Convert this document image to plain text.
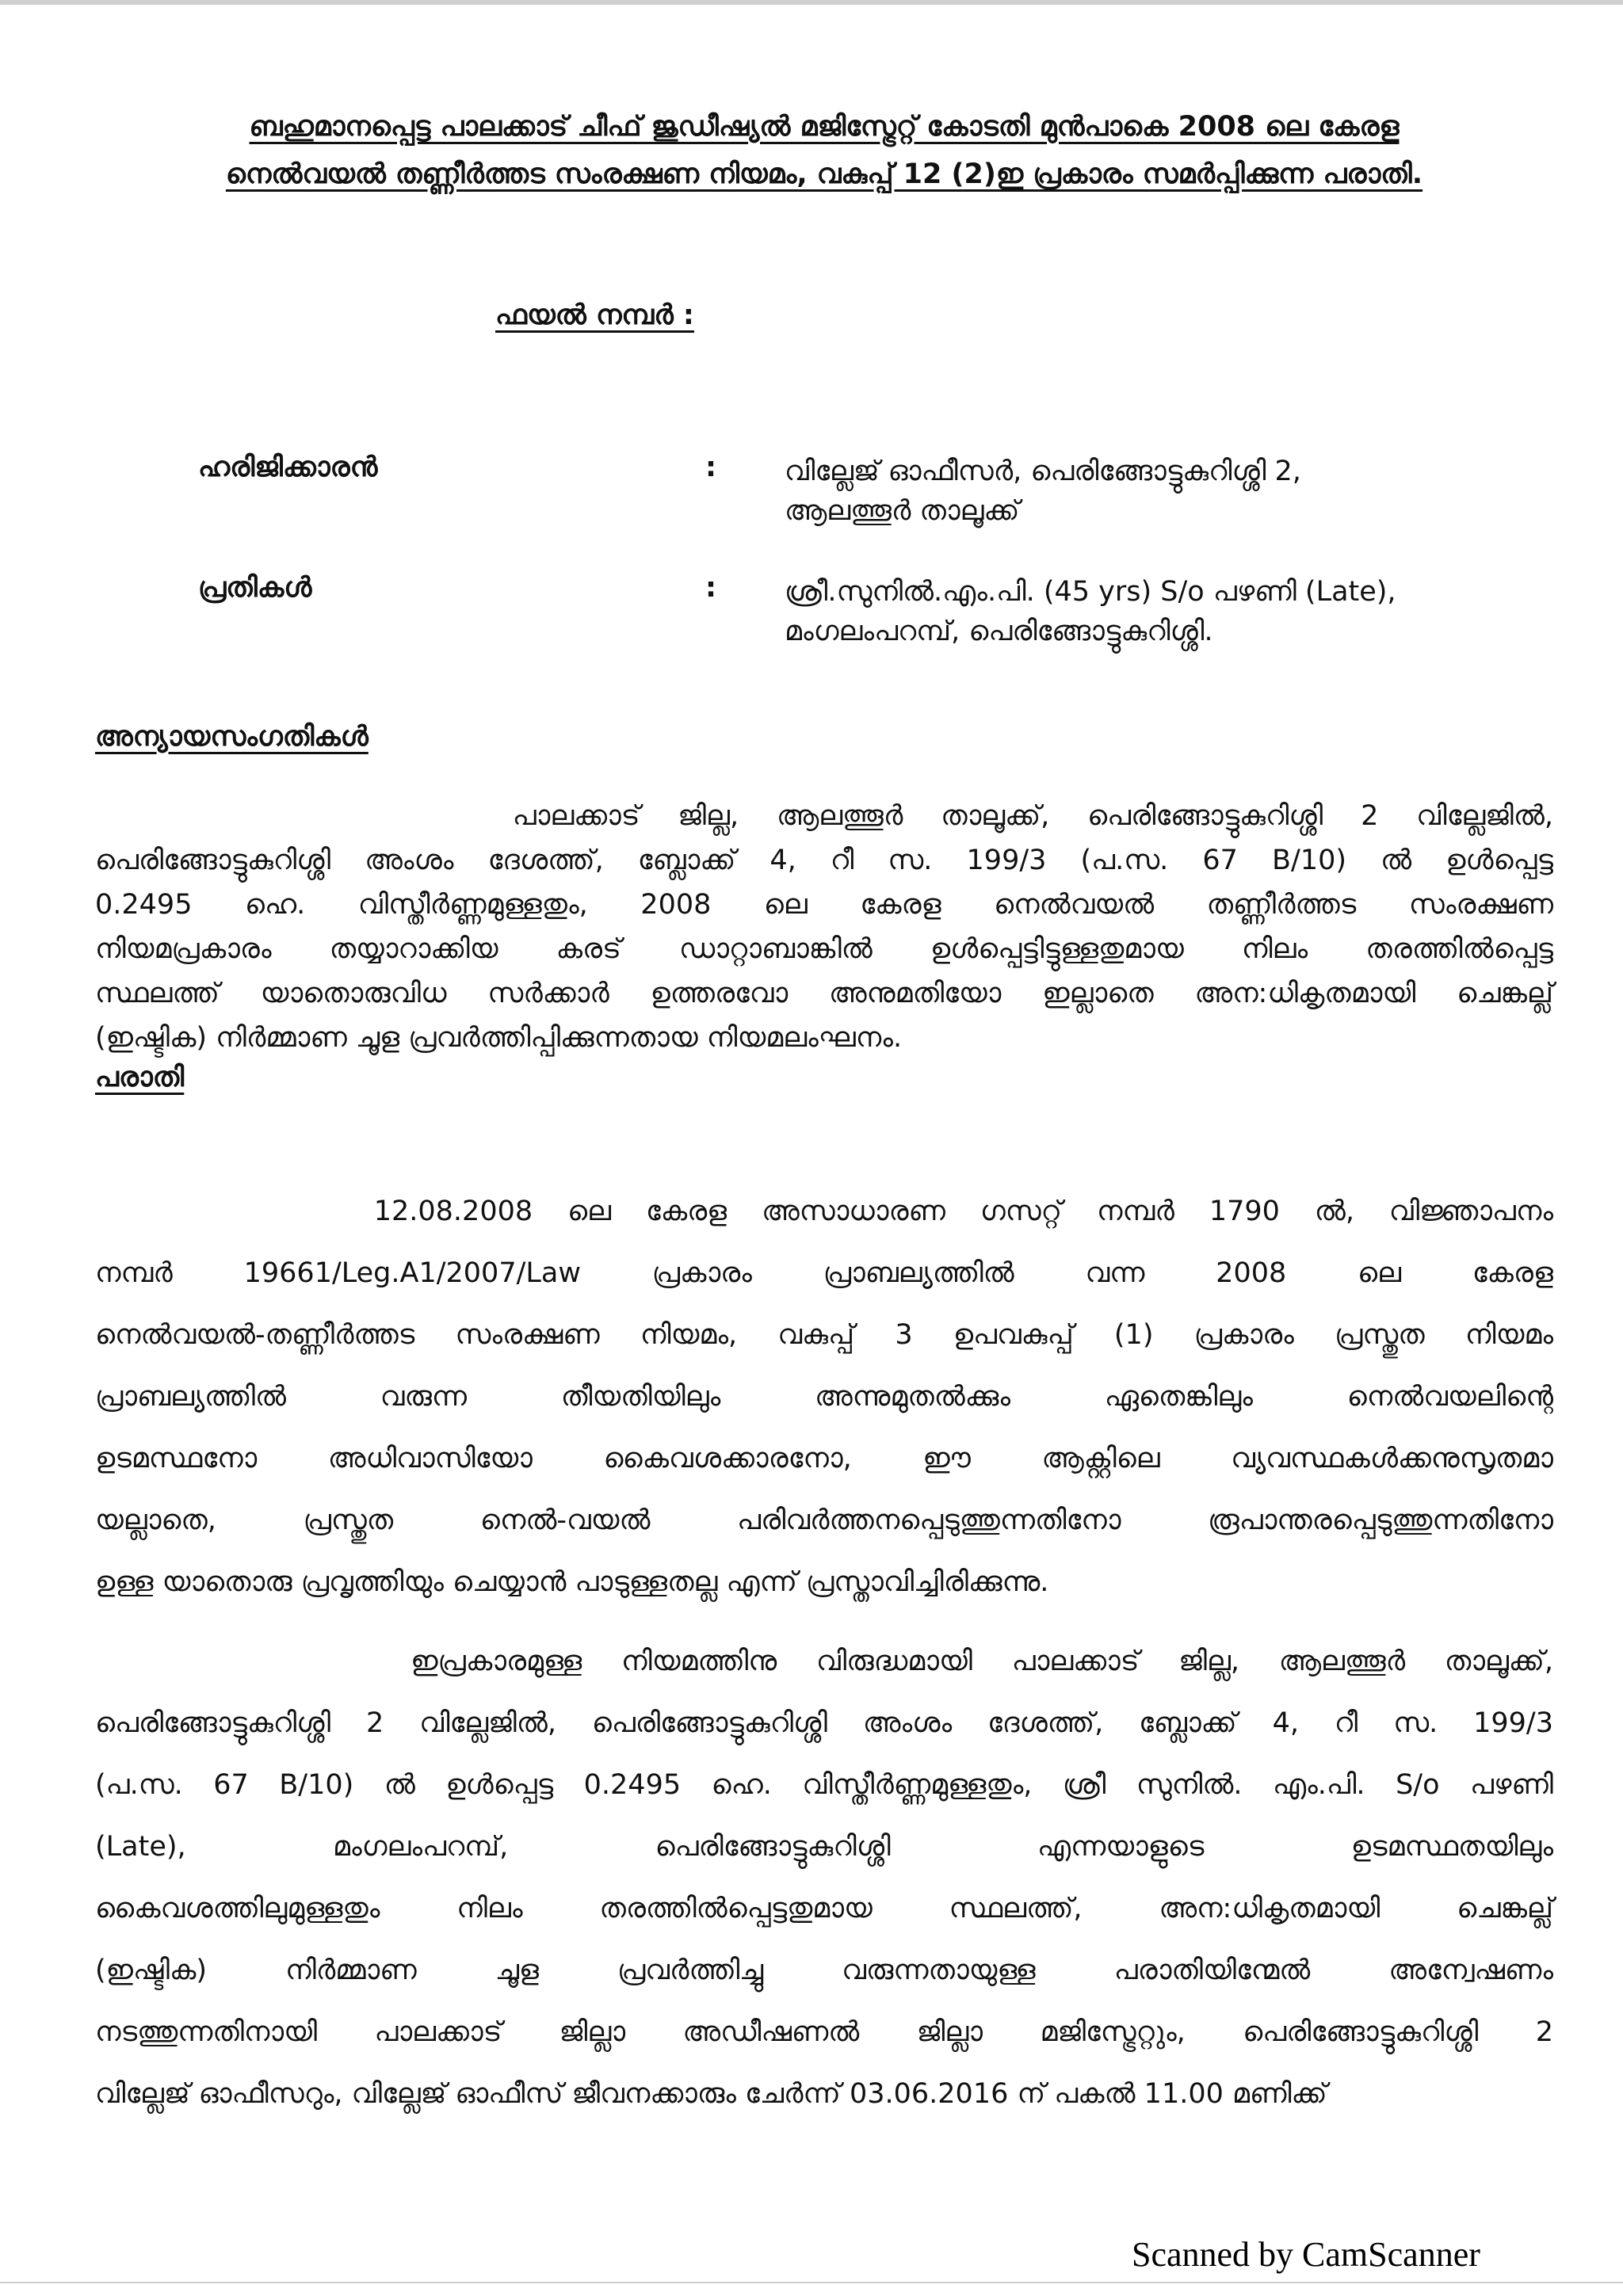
ബഹുമാനപ്പെട്ട പാലക്കാട് ചീഫ് ജുഡീഷ്യൽ മജിസ്ട്രേറ്റ് കോടതി മുൻപാകെ 2008 ലെ കേരള

നെൽവയൽ തണ്ണീർത്തട സംരക്ഷണ നിയമം, വകുപ്പ് 12 (2)ഇ പ്രകാരം സമർപ്പിക്കുന്ന പരാതി.

ഫയൽ നമ്പർ :
ഹരിജിക്കാരൻ	: വില്ലേജ് ഓഫീസർ, പെരിങ്ങോട്ടുകുറിശ്ശി 2,
ആലത്തൂർ താലൂക്ക്
പ്രതികൾ	: ശ്രീ.സുനിൽ.എം.പി. (45 yrs) S/o പഴണി (Late),
മംഗലംപറമ്പ്, പെരിങ്ങോട്ടുകുറിശ്ശി.
അന്യായസംഗതികൾ
പാലക്കാട് ജില്ല, ആലത്തൂർ താലൂക്ക്, പെരിങ്ങോട്ടുകുറിശ്ശി 2 വില്ലേജിൽ,
പെരിങ്ങോട്ടുകുറിശ്ശി അംശം ദേശത്ത്, ബ്ലോക്ക് 4, റീ സ. 199/3 (പ.സ. 67 B/10) ൽ ഉൾപ്പെട്ട
0.2495 ഹെ. വിസ്തീർണ്ണമുള്ളതും, 2008 ലെ കേരള നെൽവയൽ തണ്ണീർത്തട സംരക്ഷണ
നിയമപ്രകാരം തയ്യാറാക്കിയ കരട് ഡാറ്റാബാങ്കിൽ ഉൾപ്പെട്ടിട്ടുള്ളതുമായ നിലം തരത്തിൽപ്പെട്ട
സ്ഥലത്ത് യാതൊരുവിധ സർക്കാർ ഉത്തരവോ അനുമതിയോ ഇല്ലാതെ അന:ധികൃതമായി ചെങ്കല്ല്
(ഇഷ്ടിക) നിർമ്മാണ ചൂള പ്രവർത്തിപ്പിക്കുന്നതായ നിയമലംഘനം.
പരാതി
12.08.2008 ലെ കേരള അസാധാരണ ഗസറ്റ് നമ്പർ 1790 ൽ, വിജ്ഞാപനം
നമ്പർ 19661/Leg.A1/2007/Law പ്രകാരം പ്രാബല്യത്തിൽ വന്ന 2008 ലെ കേരള
നെൽവയൽ-തണ്ണീർത്തട സംരക്ഷണ നിയമം, വകുപ്പ് 3 ഉപവകുപ്പ് (1) പ്രകാരം പ്രസ്തുത നിയമം
പ്രാബല്യത്തിൽ വരുന്ന തീയതിയിലും അന്നുമുതൽക്കും ഏതെങ്കിലും നെൽവയലിന്റെ
ഉടമസ്ഥനോ അധിവാസിയോ കൈവശക്കാരനോ, ഈ ആക്റ്റിലെ വ്യവസ്ഥകൾക്കനുസൃതമാ
യല്ലാതെ, പ്രസ്തുത നെൽ-വയൽ പരിവർത്തനപ്പെടുത്തുന്നതിനോ രൂപാന്തരപ്പെടുത്തുന്നതിനോ
ഉള്ള യാതൊരു പ്രവൃത്തിയും ചെയ്യാൻ പാടുള്ളതല്ല എന്ന് പ്രസ്താവിച്ചിരിക്കുന്നു.
ഇപ്രകാരമുള്ള നിയമത്തിനു വിരുദ്ധമായി പാലക്കാട് ജില്ല, ആലത്തൂർ താലൂക്ക്,
പെരിങ്ങോട്ടുകുറിശ്ശി 2 വില്ലേജിൽ, പെരിങ്ങോട്ടുകുറിശ്ശി അംശം ദേശത്ത്, ബ്ലോക്ക് 4, റീ സ. 199/3
(പ.സ. 67 B/10) ൽ ഉൾപ്പെട്ട 0.2495 ഹെ. വിസ്തീർണ്ണമുള്ളതും, ശ്രീ സുനിൽ. എം.പി. S/o പഴണി
(Late), മംഗലംപറമ്പ്, പെരിങ്ങോട്ടുകുറിശ്ശി എന്നയാളുടെ ഉടമസ്ഥതയിലും
കൈവശത്തിലുമുള്ളതും നിലം തരത്തിൽപ്പെട്ടതുമായ സ്ഥലത്ത്, അന:ധികൃതമായി ചെങ്കല്ല്
(ഇഷ്ടിക) നിർമ്മാണ ചൂള പ്രവർത്തിച്ചു വരുന്നതായുള്ള പരാതിയിന്മേൽ അന്വേഷണം
നടത്തുന്നതിനായി പാലക്കാട് ജില്ലാ അഡീഷണൽ ജില്ലാ മജിസ്ട്രേറ്റും, പെരിങ്ങോട്ടുകുറിശ്ശി 2
വില്ലേജ് ഓഫീസറും, വില്ലേജ് ഓഫീസ് ജീവനക്കാരും ചേർന്ന് 03.06.2016 ന് പകൽ 11.00 മണിക്ക്
Scanned by CamScanner
